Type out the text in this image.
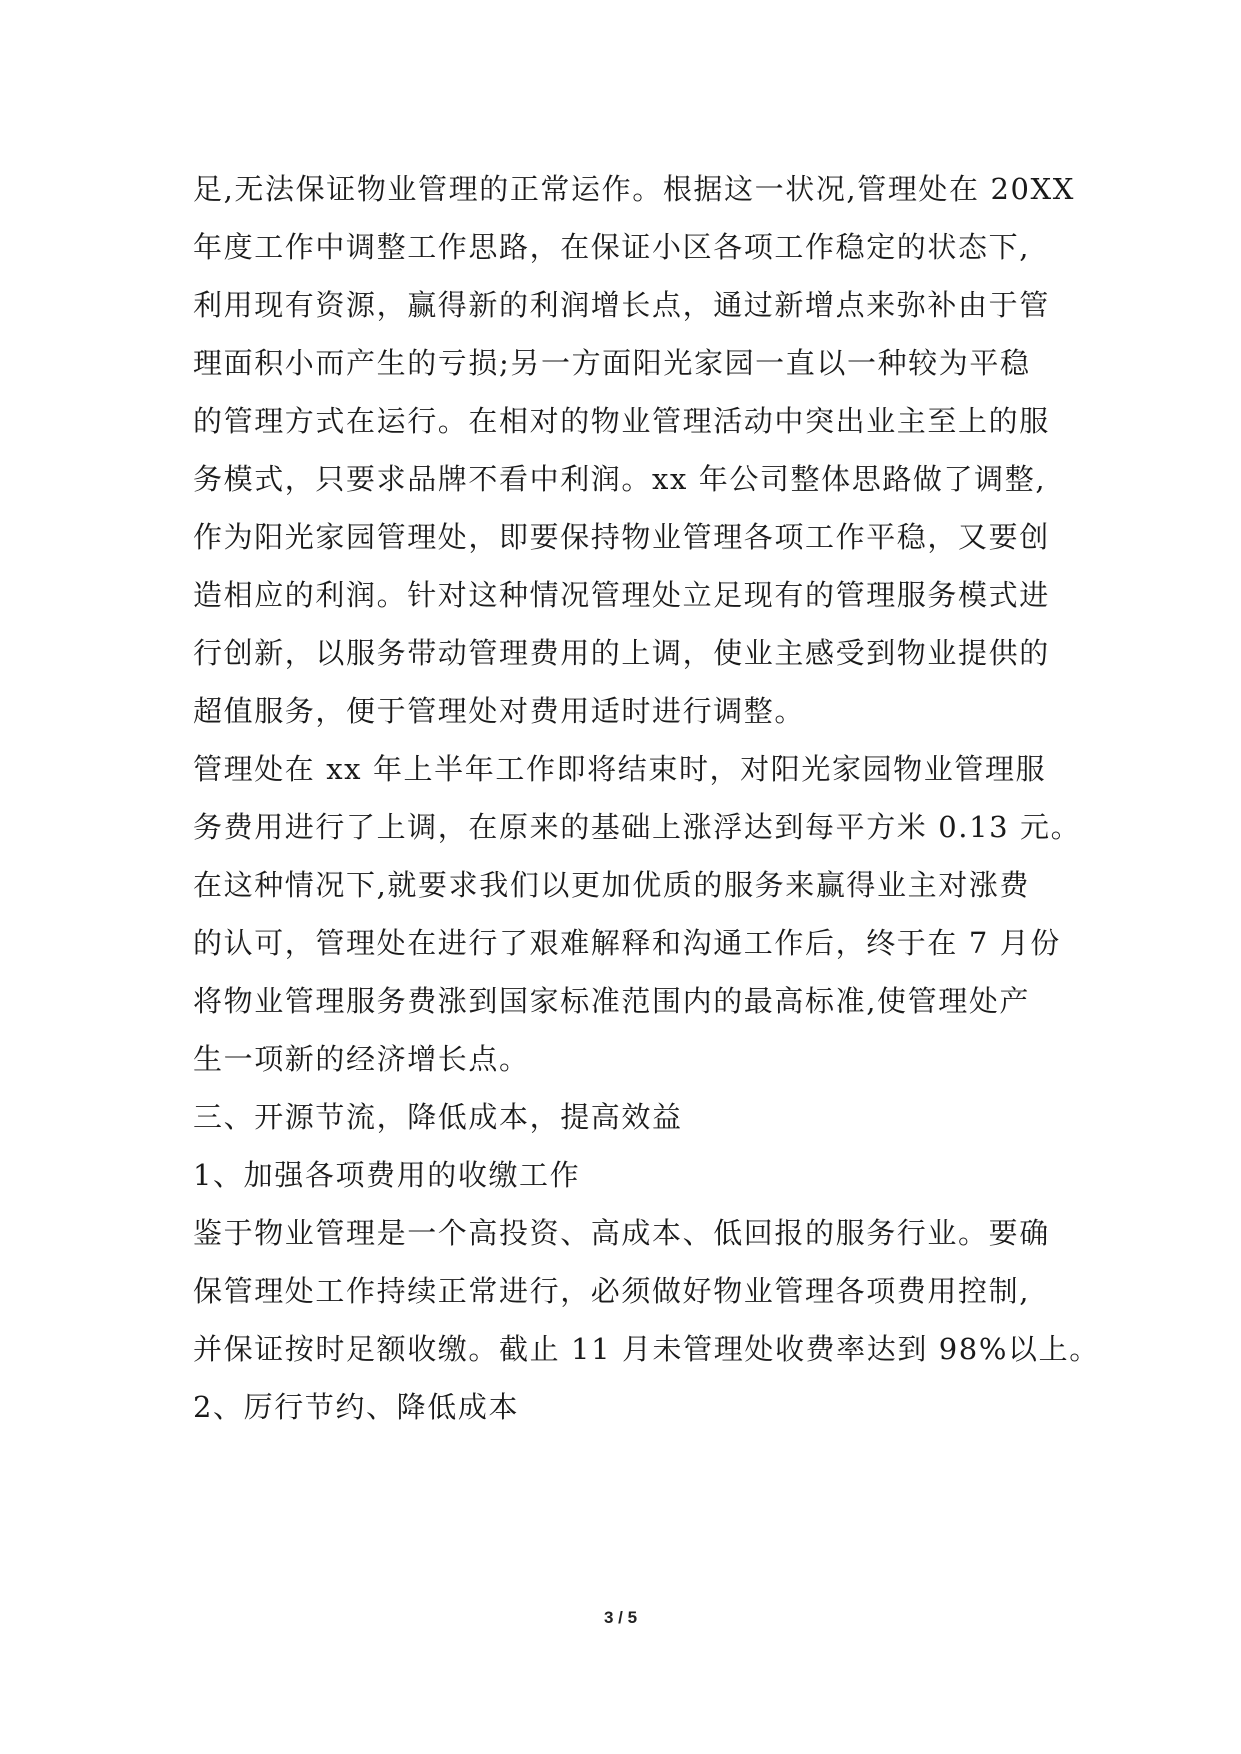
足,无法保证物业管理的正常运作。根据这一状况,管理处在 20XX
年度工作中调整工作思路，在保证小区各项工作稳定的状态下,
利用现有资源，赢得新的利润增长点，通过新增点来弥补由于管
理面积小而产生的亏损;另一方面阳光家园一直以一种较为平稳
的管理方式在运行。在相对的物业管理活动中突出业主至上的服
务模式，只要求品牌不看中利润。xx 年公司整体思路做了调整,
作为阳光家园管理处，即要保持物业管理各项工作平稳，又要创
造相应的利润。针对这种情况管理处立足现有的管理服务模式进
行创新，以服务带动管理费用的上调，使业主感受到物业提供的
超值服务，便于管理处对费用适时进行调整。
管理处在 xx 年上半年工作即将结束时，对阳光家园物业管理服
务费用进行了上调，在原来的基础上涨浮达到每平方米 0.13 元。
在这种情况下,就要求我们以更加优质的服务来赢得业主对涨费
的认可，管理处在进行了艰难解释和沟通工作后，终于在 7 月份
将物业管理服务费涨到国家标准范围内的最高标准,使管理处产
生一项新的经济增长点。
三、开源节流，降低成本，提高效益
1、加强各项费用的收缴工作
鉴于物业管理是一个高投资、高成本、低回报的服务行业。要确
保管理处工作持续正常进行，必须做好物业管理各项费用控制,
并保证按时足额收缴。截止 11 月未管理处收费率达到 98%以上。
2、厉行节约、降低成本
3 / 5
